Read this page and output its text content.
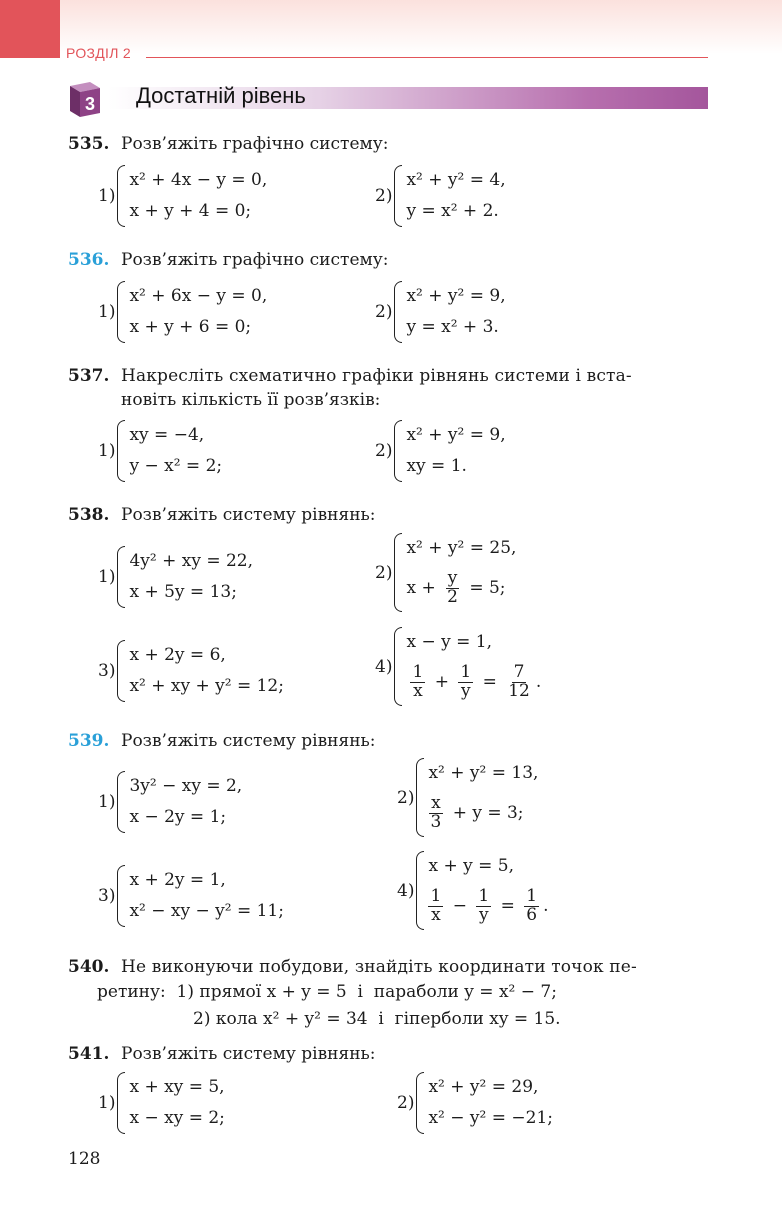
РОЗДІЛ 2
3 Достатній рівень
535. Розв’яжіть графічно систему:
1)
x² + 4x − y = 0,
x + y + 4 = 0;
2)
x² + y² = 4,
y = x² + 2.
536. Розв’яжіть графічно систему:
1)
x² + 6x − y = 0,
x + y + 6 = 0;
2)
x² + y² = 9,
y = x² + 3.
537. Накресліть схематично графіки рівнянь системи і вста-
новіть кількість її розв’язків:
1)
xy = −4,
y − x² = 2;
2)
x² + y² = 9,
xy = 1.
538. Розв’яжіть систему рівнянь:
1)
4y² + xy = 22,
x + 5y = 13;
2)
x² + y² = 25,
$x + \frac{y}{2} = 5$;
3)
x + 2y = 6,
x² + xy + y² = 12;
4)
x − y = 1,
$\frac{1}{x} + \frac{1}{y} = \frac{7}{12}$ .
539. Розв’яжіть систему рівнянь:
1)
3y² − xy = 2,
x − 2y = 1;
2)
x² + y² = 13,
$\frac{x}{3} + y = 3$;
3)
x + 2y = 1,
x² − xy − y² = 11;
4)
x + y = 5,
$\frac{1}{x} - \frac{1}{y} = \frac{1}{6}$ .
540. Не виконуючи побудови, знайдіть координати точок пе-
ретину:  1) прямої x + y = 5  і  параболи y = x² − 7;
2) кола x² + y² = 34  і  гіперболи xy = 15.
541. Розв’яжіть систему рівнянь:
1)
x + xy = 5,
x − xy = 2;
2)
x² + y² = 29,
x² − y² = −21;
128
